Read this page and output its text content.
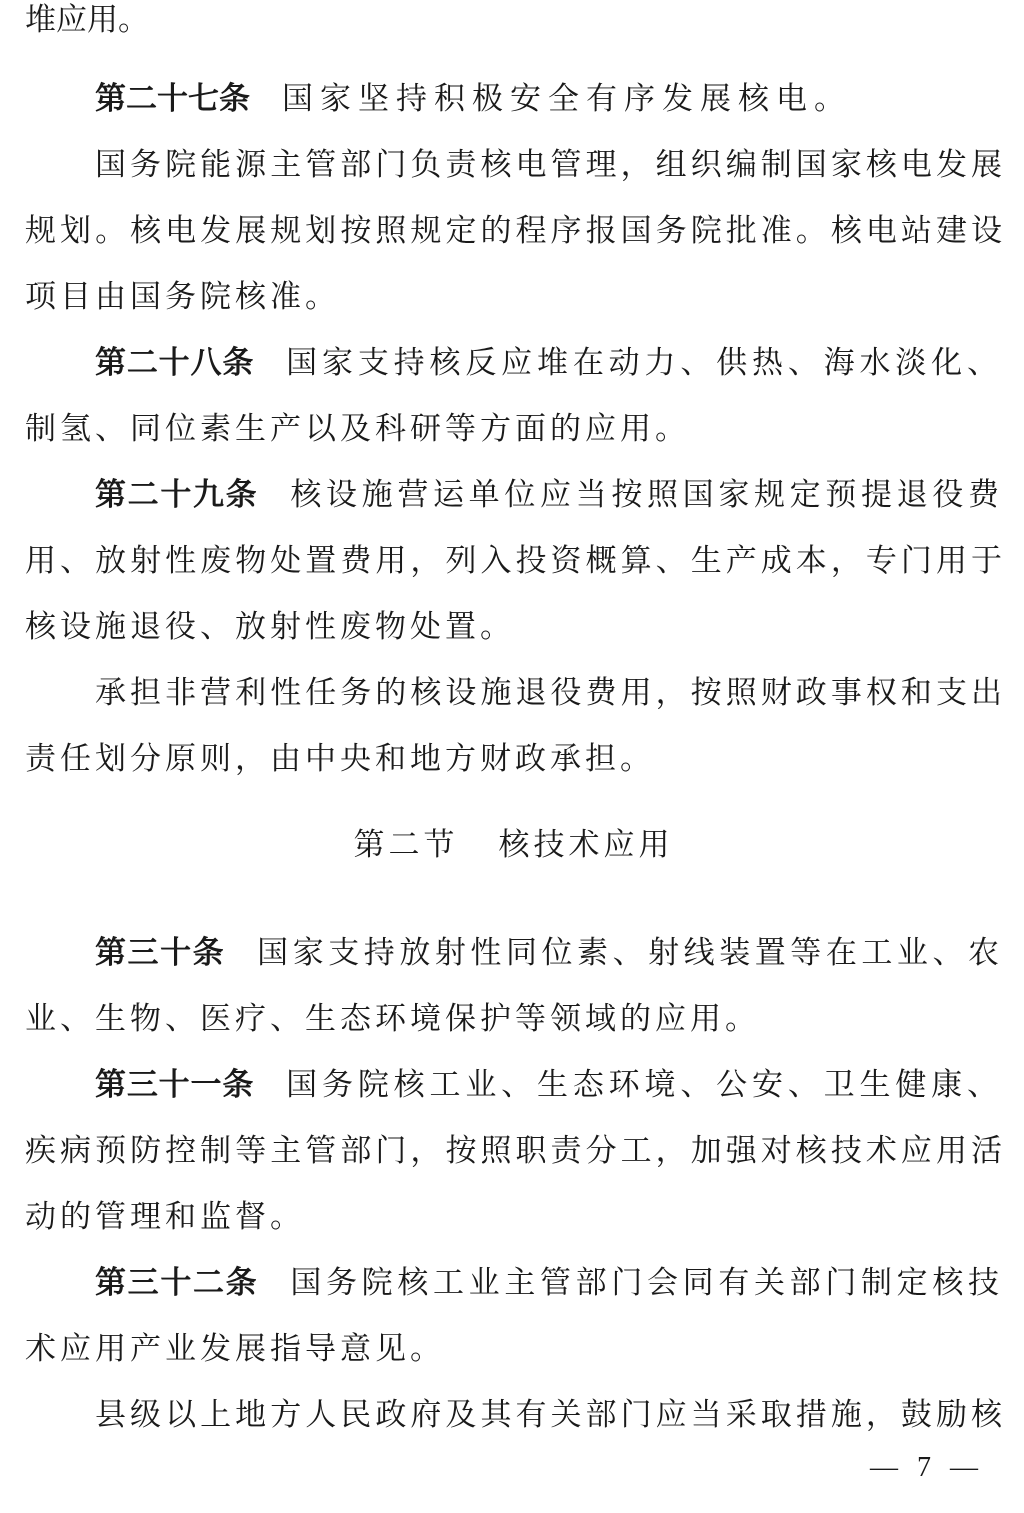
堆应用。
第二十七条 国家坚持积极安全有序发展核电。
国务院能源主管部门负责核电管理，组织编制国家核电发展
规划。核电发展规划按照规定的程序报国务院批准。核电站建设
项目由国务院核准。
第二十八条 国家支持核反应堆在动力、供热、海水淡化、
制氢、同位素生产以及科研等方面的应用。
第二十九条 核设施营运单位应当按照国家规定预提退役费
用、放射性废物处置费用，列入投资概算、生产成本，专门用于
核设施退役、放射性废物处置。
承担非营利性任务的核设施退役费用，按照财政事权和支出
责任划分原则，由中央和地方财政承担。
第二节 核技术应用
第三十条 国家支持放射性同位素、射线装置等在工业、农
业、生物、医疗、生态环境保护等领域的应用。
第三十一条 国务院核工业、生态环境、公安、卫生健康、
疾病预防控制等主管部门，按照职责分工，加强对核技术应用活
动的管理和监督。
第三十二条 国务院核工业主管部门会同有关部门制定核技
术应用产业发展指导意见。
县级以上地方人民政府及其有关部门应当采取措施，鼓励核
— 7 —
